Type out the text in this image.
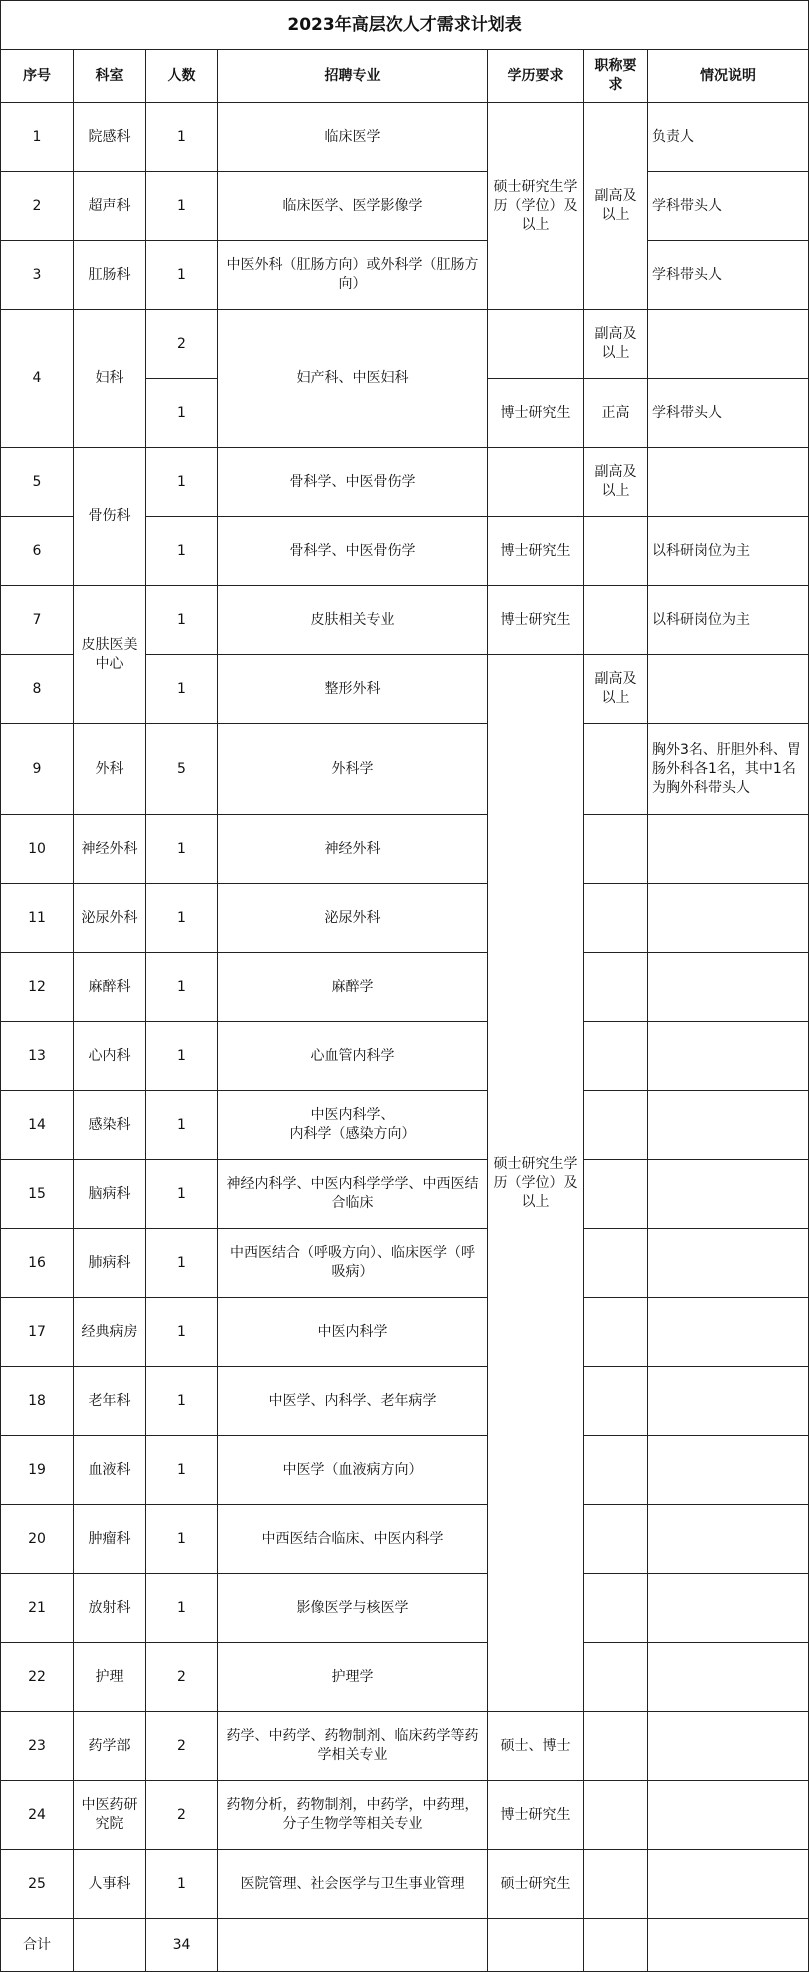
2023年高层次人才需求计划表						
序号	科室	人数	招聘专业	学历要求	职称要求	情况说明
1	院感科	1	临床医学	硕士研究生学历（学位）及以上	副高及以上	负责人
2	超声科	1	临床医学、医学影像学			学科带头人
3	肛肠科	1	中医外科（肛肠方向）或外科学（肛肠方向）			学科带头人
4	妇科	2	妇产科、中医妇科		副高及以上	
		1		博士研究生	正高	学科带头人
5	骨伤科	1	骨科学、中医骨伤学		副高及以上	
6		1	骨科学、中医骨伤学	博士研究生		以科研岗位为主
7	皮肤医美中心	1	皮肤相关专业	博士研究生		以科研岗位为主
8		1	整形外科	硕士研究生学历（学位）及以上	副高及以上	
9	外科	5	外科学			胸外3名、肝胆外科、胃肠外科各1名，其中1名为胸外科带头人
10	神经外科	1	神经外科			
11	泌尿外科	1	泌尿外科			
12	麻醉科	1	麻醉学			
13	心内科	1	心血管内科学			
14	感染科	1	中医内科学、
内科学（感染方向）			
15	脑病科	1	神经内科学、中医内科学学学、中西医结合临床			
16	肺病科	1	中西医结合（呼吸方向）、临床医学（呼吸病）			
17	经典病房	1	中医内科学			
18	老年科	1	中医学、内科学、老年病学			
19	血液科	1	中医学（血液病方向）			
20	肿瘤科	1	中西医结合临床、中医内科学			
21	放射科	1	影像医学与核医学			
22	护理	2	护理学			
23	药学部	2	药学、中药学、药物制剂、临床药学等药学相关专业	硕士、博士		
24	中医药研究院	2	药物分析，药物制剂，中药学，中药理，分子生物学等相关专业	博士研究生		
25	人事科	1	医院管理、社会医学与卫生事业管理	硕士研究生		
合计		34				
